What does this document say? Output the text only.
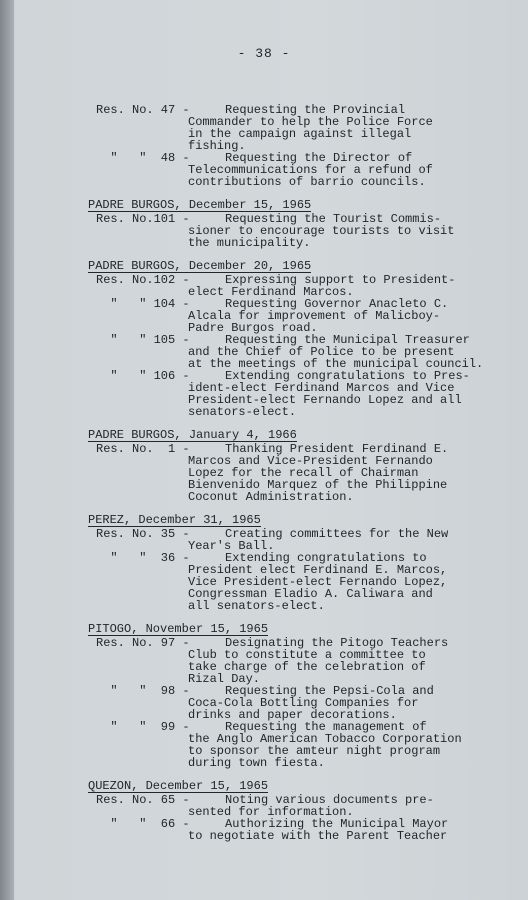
- 38 -
Res. No. 47 -	Requesting the Provincial
Commander to help the Police Force
in the campaign against illegal
fishing.
"   "  48 -	Requesting the Director of
Telecommunications for a refund of
contributions of barrio councils.
PADRE BURGOS, December 15, 1965
Res. No.101 -	Requesting the Tourist Commis-
sioner to encourage tourists to visit
the municipality.
PADRE BURGOS, December 20, 1965
Res. No.102 -	Expressing support to President-
elect Ferdinand Marcos.
"   " 104 -	Requesting Governor Anacleto C.
Alcala for improvement of Malicboy-
Padre Burgos road.
"   " 105 -	Requesting the Municipal Treasurer
and the Chief of Police to be present
at the meetings of the municipal council.
"   " 106 -	Extending congratulations to Pres-
ident-elect Ferdinand Marcos and Vice
President-elect Fernando Lopez and all
senators-elect.
PADRE BURGOS, January 4, 1966
Res. No.  1 -	Thanking President Ferdinand E.
Marcos and Vice-President Fernando
Lopez for the recall of Chairman
Bienvenido Marquez of the Philippine
Coconut Administration.
PEREZ, December 31, 1965
Res. No. 35 -	Creating committees for the New
Year's Ball.
"   "  36 -	Extending congratulations to
President elect Ferdinand E. Marcos,
Vice President-elect Fernando Lopez,
Congressman Eladio A. Caliwara and
all senators-elect.
PITOGO, November 15, 1965
Res. No. 97 -	Designating the Pitogo Teachers
Club to constitute a committee to
take charge of the celebration of
Rizal Day.
"   "  98 -	Requesting the Pepsi-Cola and
Coca-Cola Bottling Companies for
drinks and paper decorations.
"   "  99 -	Requesting the management of
the Anglo American Tobacco Corporation
to sponsor the amteur night program
during town fiesta.
QUEZON, December 15, 1965
Res. No. 65 -	Noting various documents pre-
sented for information.
"   "  66 -	Authorizing the Municipal Mayor
to negotiate with the Parent Teacher
